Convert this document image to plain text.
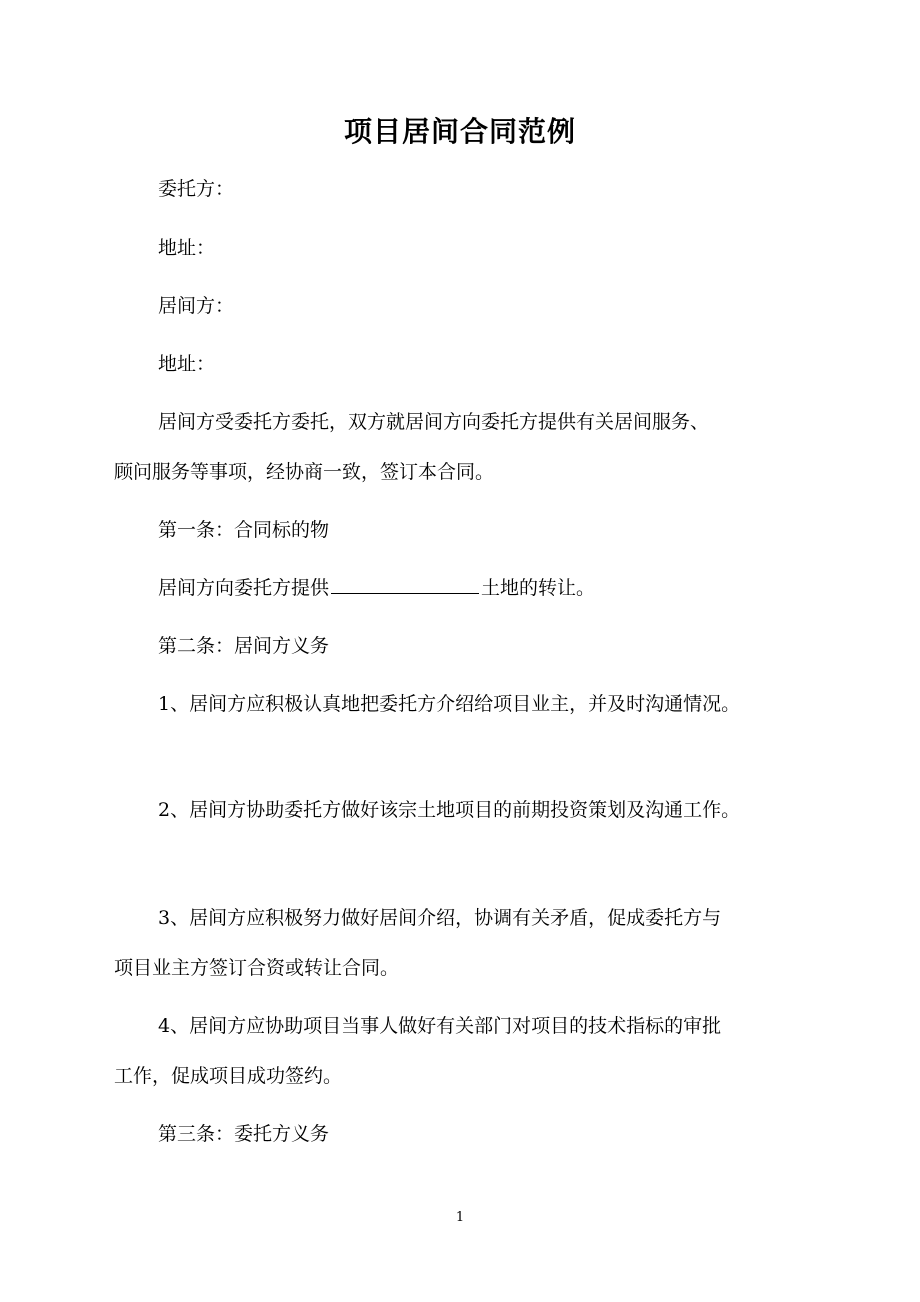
项目居间合同范例
委托方：
地址：
居间方：
地址：
居间方受委托方委托，双方就居间方向委托方提供有关居间服务、
顾问服务等事项，经协商一致，签订本合同。
第一条：合同标的物
居间方向委托方提供	土地的转让。
第二条：居间方义务
1、居间方应积极认真地把委托方介绍给项目业主，并及时沟通情况。
2、居间方协助委托方做好该宗土地项目的前期投资策划及沟通工作。
3、居间方应积极努力做好居间介绍，协调有关矛盾，促成委托方与
项目业主方签订合资或转让合同。
4、居间方应协助项目当事人做好有关部门对项目的技术指标的审批
工作，促成项目成功签约。
第三条：委托方义务
1
